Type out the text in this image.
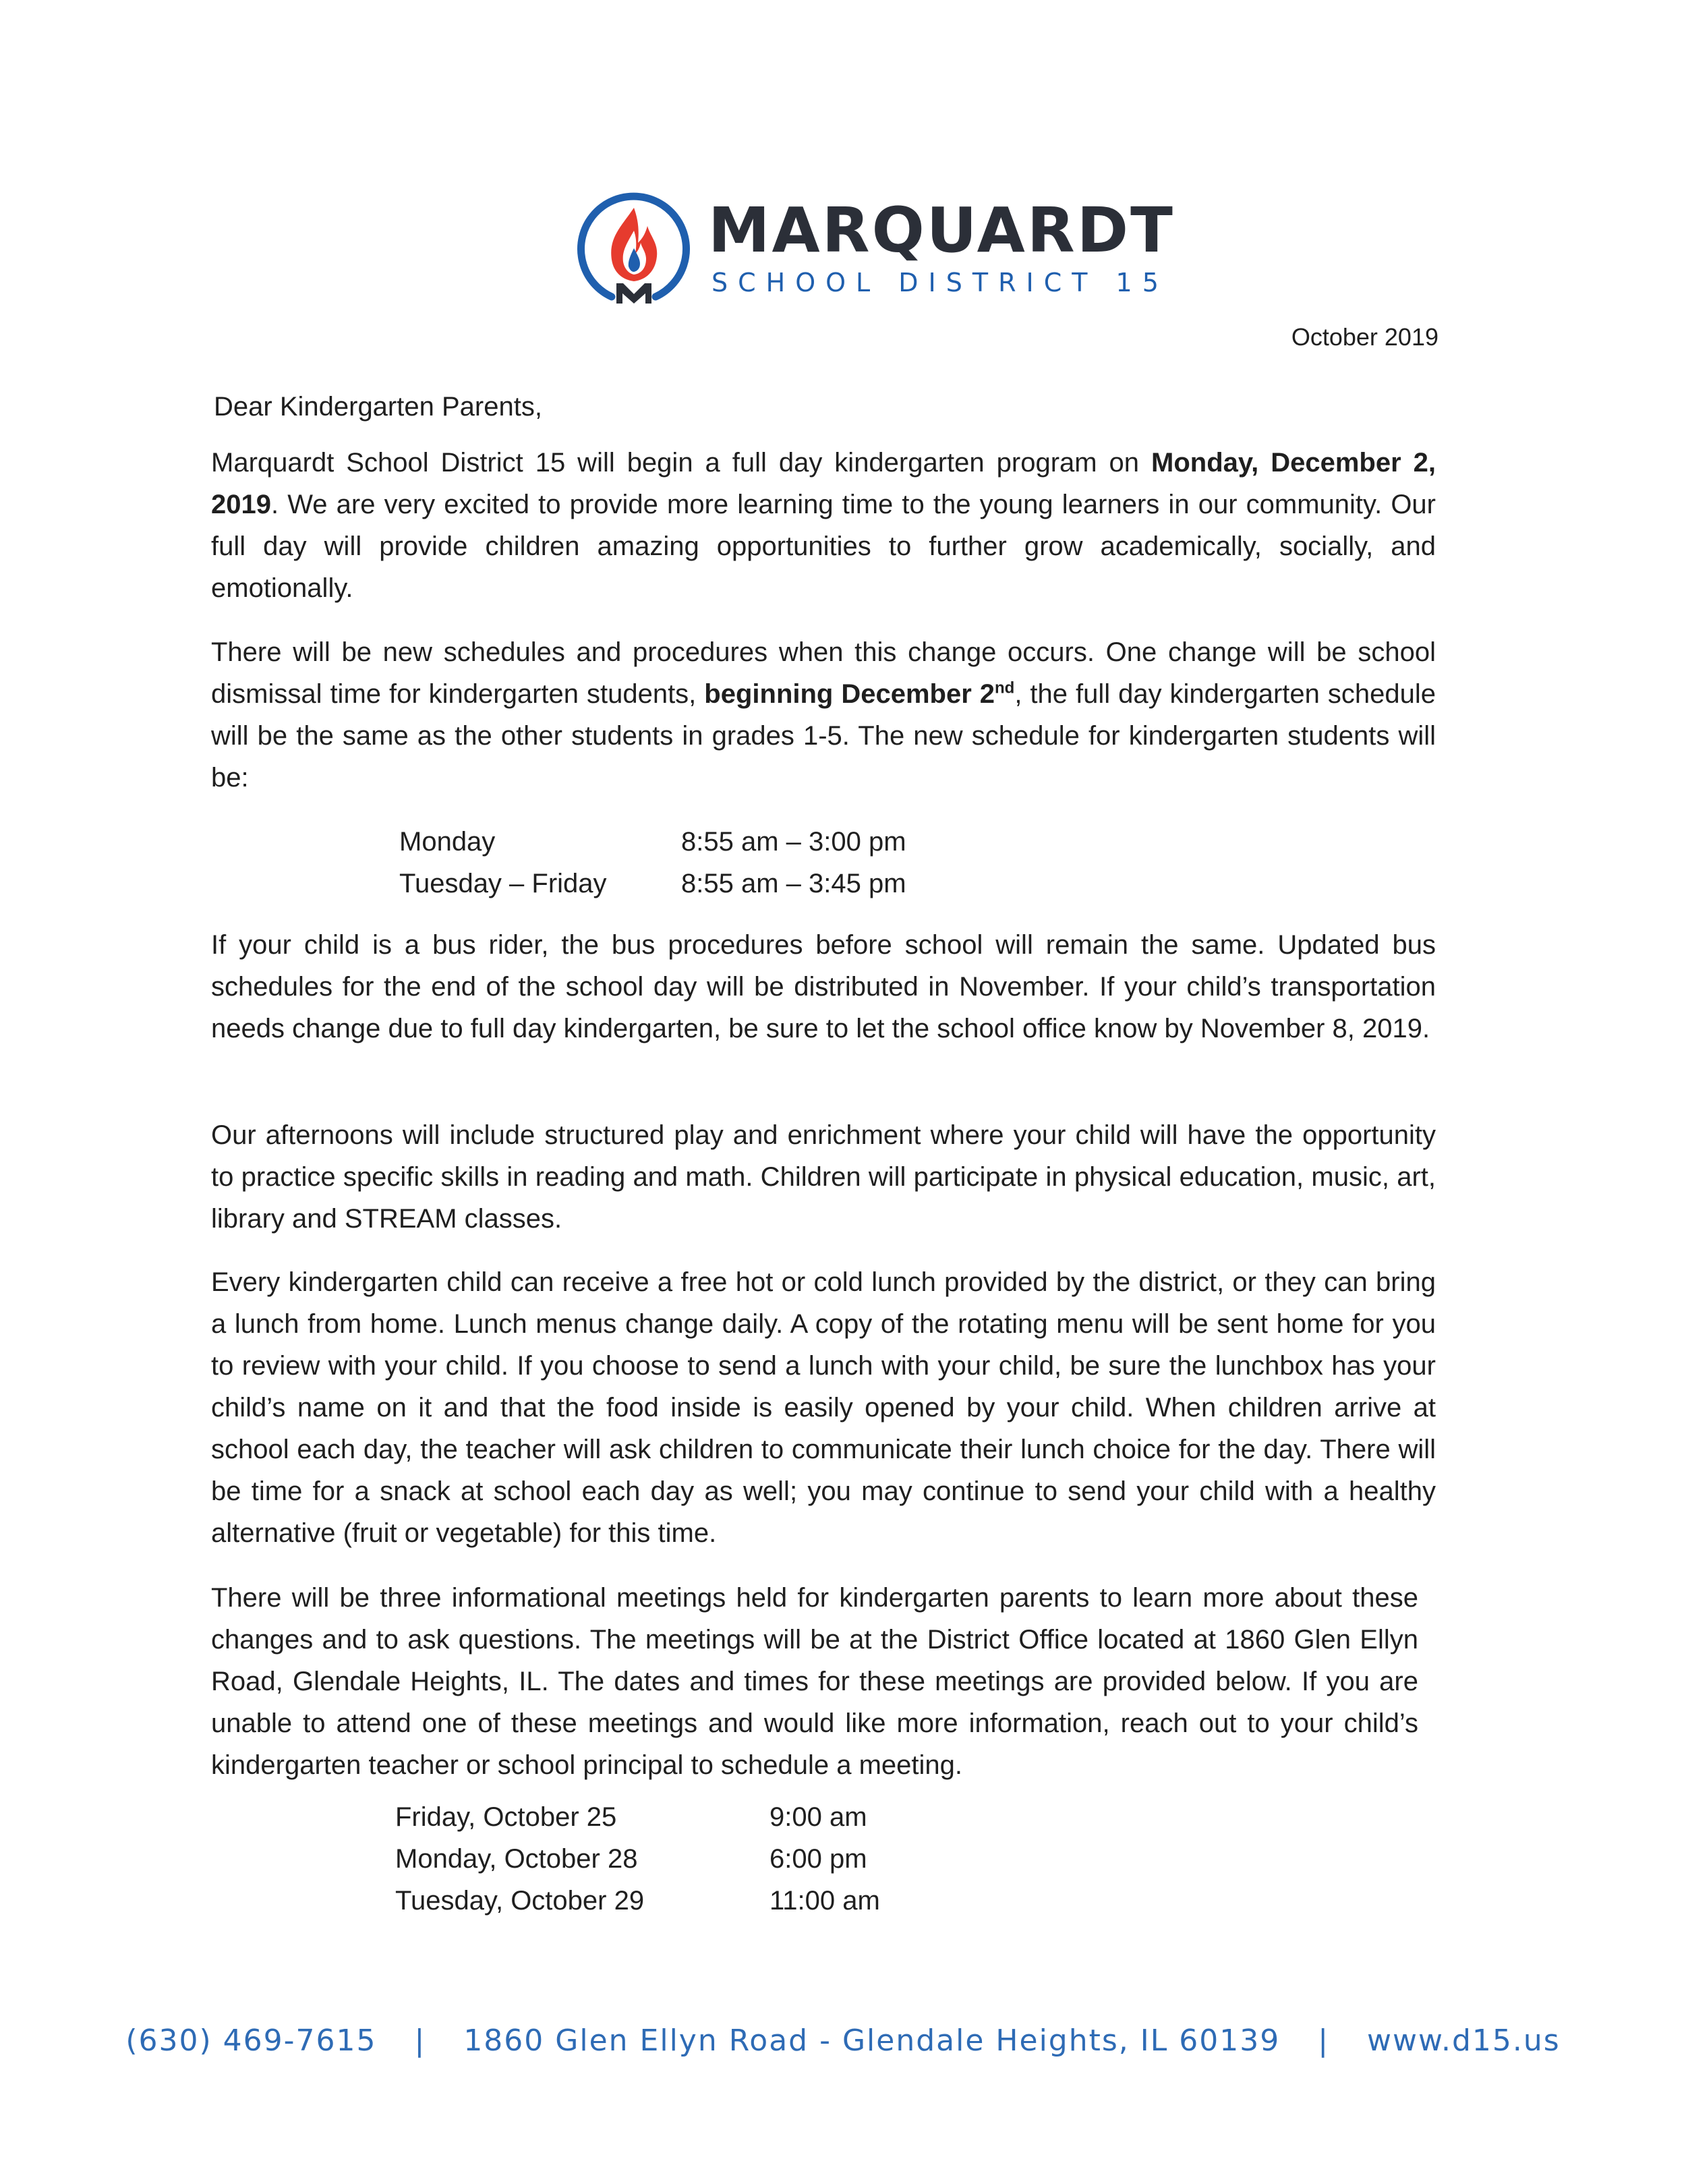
MARQUARDT
SCHOOL DISTRICT 15
October 2019

Dear Kindergarten Parents,

Marquardt School District 15 will begin a full day kindergarten program on Monday, December 2, 2019. We are very excited to provide more learning time to the young learners in our community. Our full day will provide children amazing opportunities to further grow academically, socially, and emotionally.

There will be new schedules and procedures when this change occurs. One change will be school dismissal time for kindergarten students, beginning December 2nd, the full day kindergarten schedule will be the same as the other students in grades 1-5. The new schedule for kindergarten students will be:

Monday	8:55 am – 3:00 pm
Tuesday – Friday	8:55 am – 3:45 pm

If your child is a bus rider, the bus procedures before school will remain the same. Updated bus schedules for the end of the school day will be distributed in November. If your child’s transportation needs change due to full day kindergarten, be sure to let the school office know by November 8, 2019.

Our afternoons will include structured play and enrichment where your child will have the opportunity to practice specific skills in reading and math. Children will participate in physical education, music, art, library and STREAM classes.

Every kindergarten child can receive a free hot or cold lunch provided by the district, or they can bring a lunch from home. Lunch menus change daily. A copy of the rotating menu will be sent home for you to review with your child. If you choose to send a lunch with your child, be sure the lunchbox has your child’s name on it and that the food inside is easily opened by your child. When children arrive at school each day, the teacher will ask children to communicate their lunch choice for the day. There will be time for a snack at school each day as well; you may continue to send your child with a healthy alternative (fruit or vegetable) for this time.

There will be three informational meetings held for kindergarten parents to learn more about these changes and to ask questions. The meetings will be at the District Office located at 1860 Glen Ellyn Road, Glendale Heights, IL. The dates and times for these meetings are provided below. If you are unable to attend one of these meetings and would like more information, reach out to your child’s kindergarten teacher or school principal to schedule a meeting.

Friday, October 25	9:00 am
Monday, October 28	6:00 pm
Tuesday, October 29	11:00 am
(630) 469-7615 | 1860 Glen Ellyn Road - Glendale Heights, IL 60139 | www.d15.us
